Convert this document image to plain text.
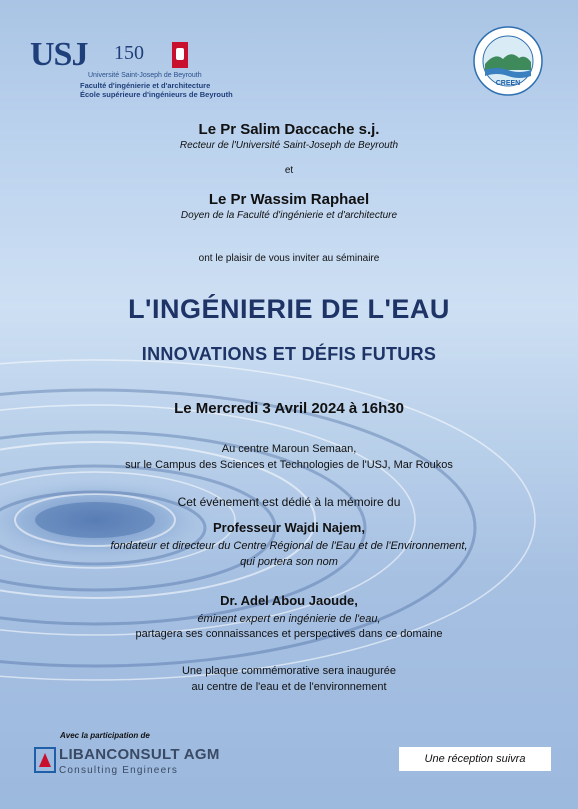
USJ 150
Université Saint-Joseph de Beyrouth
Faculté d'ingénierie et d'architecture
École supérieure d'ingénieurs de Beyrouth
CREEN
Le Pr Salim Daccache s.j.
Recteur de l'Université Saint-Joseph de Beyrouth
et
Le Pr Wassim Raphael
Doyen de la Faculté d'ingénierie et d'architecture
ont le plaisir de vous inviter au séminaire
L'INGÉNIERIE DE L'EAU
INNOVATIONS ET DÉFIS FUTURS
Le Mercredi 3 Avril 2024 à 16h30
Au centre Maroun Semaan,
sur le Campus des Sciences et Technologies de l'USJ, Mar Roukos
Cet événement est dédié à la mémoire du
Professeur Wajdi Najem,
fondateur et directeur du Centre Régional de l'Eau et de l'Environnement,
qui portera son nom
Dr. Adel Abou Jaoude,
éminent expert en ingénierie de l'eau,
partagera ses connaissances et perspectives dans ce domaine
Une plaque commémorative sera inaugurée
au centre de l'eau et de l'environnement
Avec la participation de
LIBANCONSULT AGM
Consulting Engineers
Une réception suivra
